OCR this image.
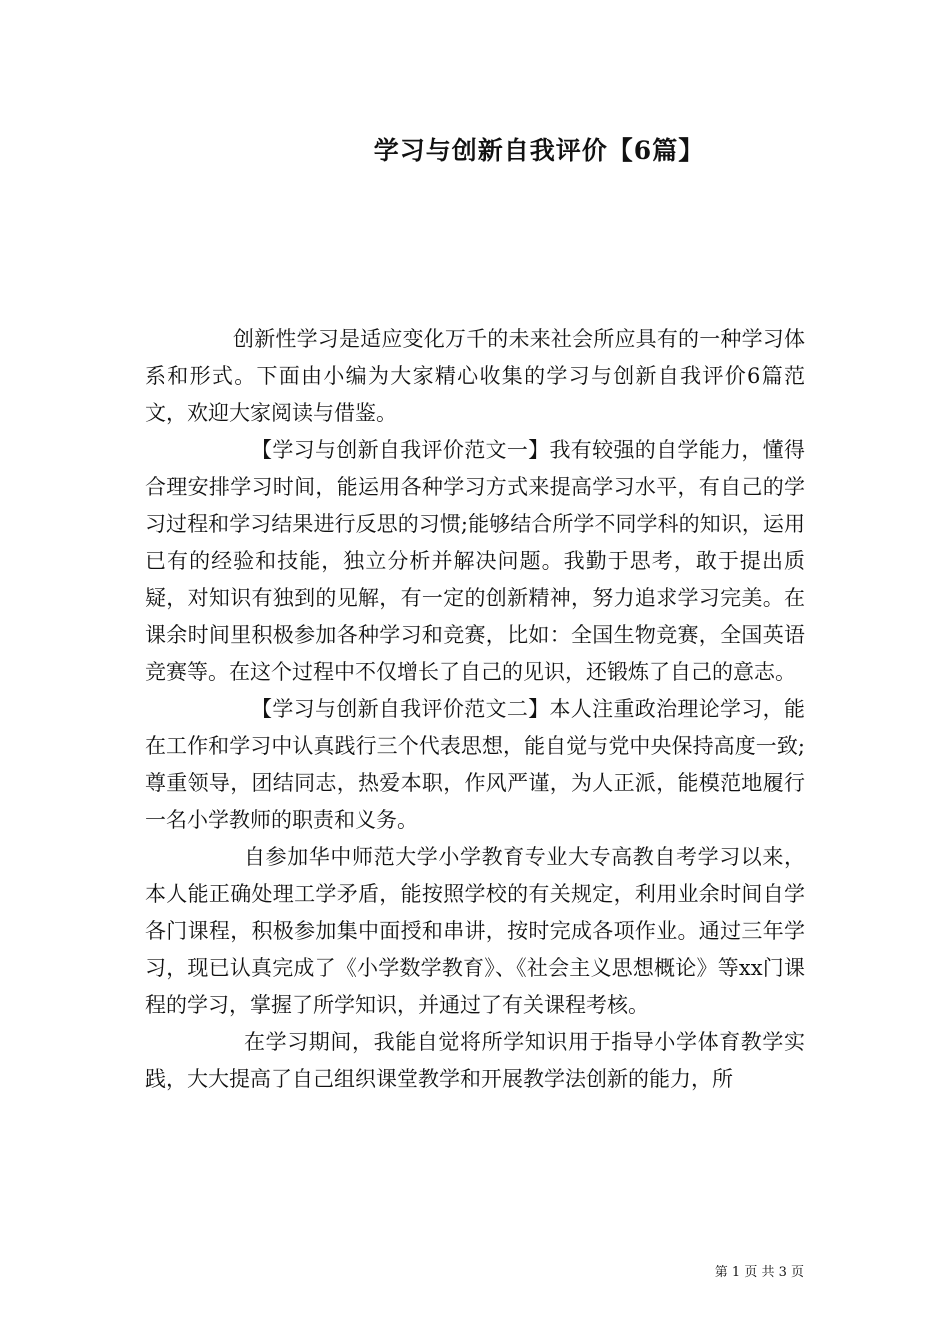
学习与创新自我评价【6篇】

创新性学习是适应变化万千的未来社会所应具有的一种学习体系和形式。下面由小编为大家精心收集的学习与创新自我评价6篇范文，欢迎大家阅读与借鉴。

【学习与创新自我评价范文一】我有较强的自学能力，懂得合理安排学习时间，能运用各种学习方式来提高学习水平，有自己的学习过程和学习结果进行反思的习惯;能够结合所学不同学科的知识，运用已有的经验和技能，独立分析并解决问题。我勤于思考，敢于提出质疑，对知识有独到的见解，有一定的创新精神，努力追求学习完美。在课余时间里积极参加各种学习和竞赛，比如：全国生物竞赛，全国英语竞赛等。在这个过程中不仅增长了自己的见识，还锻炼了自己的意志。

【学习与创新自我评价范文二】本人注重政治理论学习，能在工作和学习中认真践行三个代表思想，能自觉与党中央保持高度一致;尊重领导，团结同志，热爱本职，作风严谨，为人正派，能模范地履行一名小学教师的职责和义务。

自参加华中师范大学小学教育专业大专高教自考学习以来，本人能正确处理工学矛盾，能按照学校的有关规定，利用业余时间自学各门课程，积极参加集中面授和串讲，按时完成各项作业。通过三年学习，现已认真完成了《小学数学教育》、《社会主义思想概论》等xx门课程的学习，掌握了所学知识，并通过了有关课程考核。

在学习期间，我能自觉将所学知识用于指导小学体育教学实践，大大提高了自己组织课堂教学和开展教学法创新的能力，所

第 1 页 共 3 页
